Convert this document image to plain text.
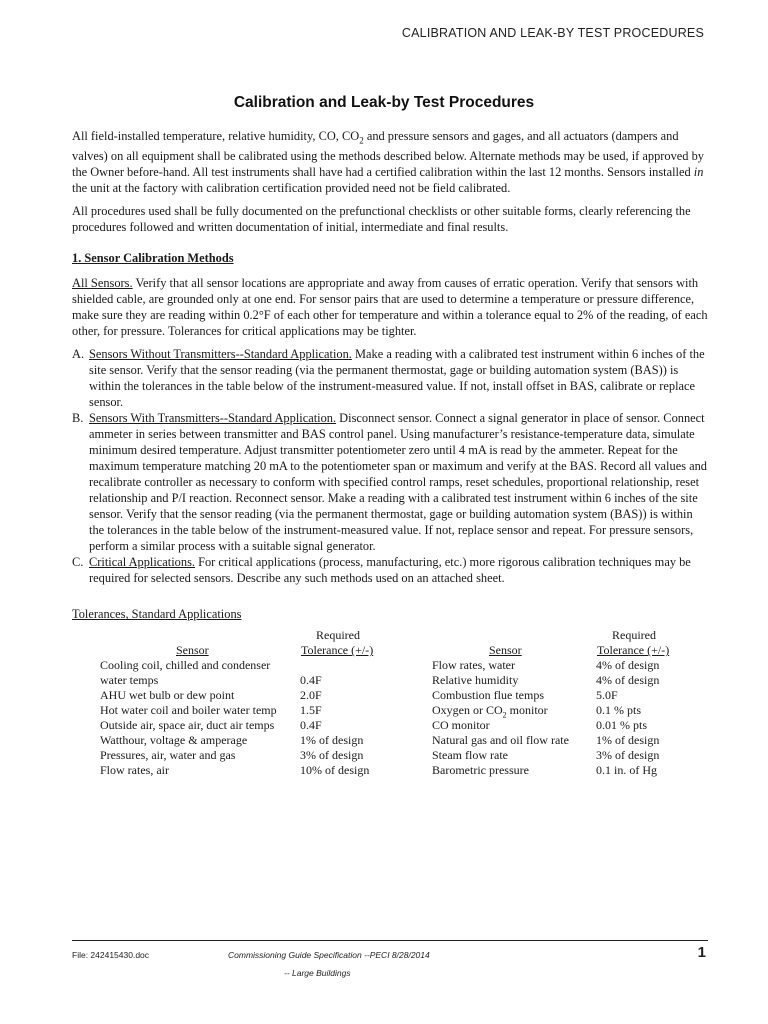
CALIBRATION AND LEAK-BY TEST PROCEDURES
Calibration and Leak-by Test Procedures

All field-installed temperature, relative humidity, CO, $CO_2$ and pressure sensors and gages, and all actuators (dampers and valves) on all equipment shall be calibrated using the methods described below. Alternate methods may be used, if approved by the Owner before-hand. All test instruments shall have had a certified calibration within the last 12 months. Sensors installed in the unit at the factory with calibration certification provided need not be field calibrated.

All procedures used shall be fully documented on the prefunctional checklists or other suitable forms, clearly referencing the procedures followed and written documentation of initial, intermediate and final results.

1. Sensor Calibration Methods

All Sensors. Verify that all sensor locations are appropriate and away from causes of erratic operation. Verify that sensors with shielded cable, are grounded only at one end. For sensor pairs that are used to determine a temperature or pressure difference, make sure they are reading within 0.2°F of each other for temperature and within a tolerance equal to 2% of the reading, of each other, for pressure. Tolerances for critical applications may be tighter.

A. Sensors Without Transmitters--Standard Application. Make a reading with a calibrated test instrument within 6 inches of the site sensor. Verify that the sensor reading (via the permanent thermostat, gage or building automation system (BAS)) is within the tolerances in the table below of the instrument-measured value. If not, install offset in BAS, calibrate or replace sensor.
B. Sensors With Transmitters--Standard Application. Disconnect sensor. Connect a signal generator in place of sensor. Connect ammeter in series between transmitter and BAS control panel. Using manufacturer’s resistance-temperature data, simulate minimum desired temperature. Adjust transmitter potentiometer zero until 4 mA is read by the ammeter. Repeat for the maximum temperature matching 20 mA to the potentiometer span or maximum and verify at the BAS. Record all values and recalibrate controller as necessary to conform with specified control ramps, reset schedules, proportional relationship, reset relationship and P/I reaction. Reconnect sensor. Make a reading with a calibrated test instrument within 6 inches of the site sensor. Verify that the sensor reading (via the permanent thermostat, gage or building automation system (BAS)) is within the tolerances in the table below of the instrument-measured value. If not, replace sensor and repeat. For pressure sensors, perform a similar process with a suitable signal generator.
C. Critical Applications. For critical applications (process, manufacturing, etc.) more rigorous calibration techniques may be required for selected sensors. Describe any such methods used on an attached sheet.
Tolerances, Standard Applications
Required
Sensor	Tolerance (+/-)
Cooling coil, chilled and condenser
water temps	0.4F
AHU wet bulb or dew point	2.0F
Hot water coil and boiler water temp 1.5F
Outside air, space air, duct air temps 0.4F
Watthour, voltage & amperage	1% of design
Pressures, air, water and gas	3% of design
Flow rates, air	10% of design
Required
Sensor	Tolerance (+/-)
Flow rates, water	4% of design
Relative humidity	4% of design
Combustion flue temps	5.0F
Oxygen or $CO_2$ monitor	0.1 % pts
CO monitor	0.01 % pts
Natural gas and oil flow rate 1% of design
Steam flow rate	3% of design
Barometric pressure	0.1 in. of Hg
File: 242415430.doc	Commissioning Guide Specification --PECI 8/28/2014
-- Large Buildings
1
